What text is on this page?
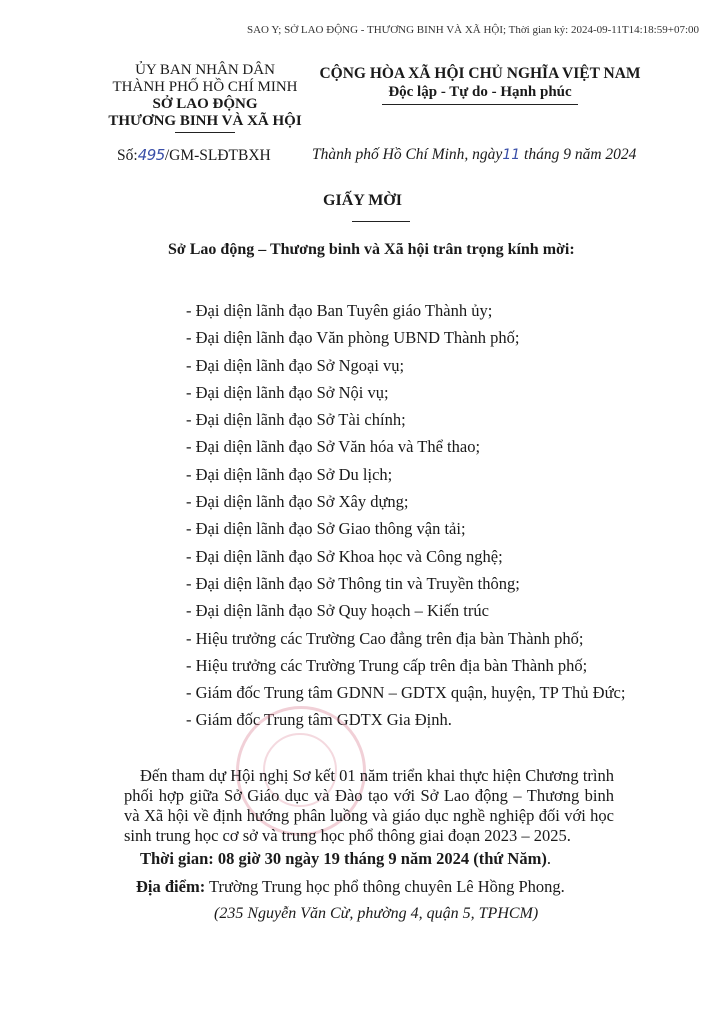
SAO Y; SỞ LAO ĐỘNG - THƯƠNG BINH VÀ XÃ HỘI; Thời gian ký: 2024-09-11T14:18:59+07:00
ỦY BAN NHÂN DÂN
THÀNH PHỐ HỒ CHÍ MINH
SỞ LAO ĐỘNG
THƯƠNG BINH VÀ XÃ HỘI
CỘNG HÒA XÃ HỘI CHỦ NGHĨA VIỆT NAM
Độc lập - Tự do - Hạnh phúc
Số:495/GM-SLĐTBXH	Thành phố Hồ Chí Minh, ngày11 tháng 9 năm 2024
GIẤY MỜI
Sở Lao động – Thương binh và Xã hội trân trọng kính mời:
- Đại diện lãnh đạo Ban Tuyên giáo Thành ủy;
- Đại diện lãnh đạo Văn phòng UBND Thành phố;
- Đại diện lãnh đạo Sở Ngoại vụ;
- Đại diện lãnh đạo Sở Nội vụ;
- Đại diện lãnh đạo Sở Tài chính;
- Đại diện lãnh đạo Sở Văn hóa và Thể thao;
- Đại diện lãnh đạo Sở Du lịch;
- Đại diện lãnh đạo Sở Xây dựng;
- Đại diện lãnh đạo Sở Giao thông vận tải;
- Đại diện lãnh đạo Sở Khoa học và Công nghệ;
- Đại diện lãnh đạo Sở Thông tin và Truyền thông;
- Đại diện lãnh đạo Sở Quy hoạch – Kiến trúc
- Hiệu trưởng các Trường Cao đẳng trên địa bàn Thành phố;
- Hiệu trưởng các Trường Trung cấp trên địa bàn Thành phố;
- Giám đốc Trung tâm GDNN – GDTX quận, huyện, TP Thủ Đức;
- Giám đốc Trung tâm GDTX Gia Định.
Đến tham dự Hội nghị Sơ kết 01 năm triển khai thực hiện Chương trình phối hợp giữa Sở Giáo dục và Đào tạo với Sở Lao động – Thương binh và Xã hội về định hướng phân luồng và giáo dục nghề nghiệp đối với học sinh trung học cơ sở và trung học phổ thông giai đoạn 2023 – 2025.
Thời gian: 08 giờ 30 ngày 19 tháng 9 năm 2024 (thứ Năm).
Địa điểm: Trường Trung học phổ thông chuyên Lê Hồng Phong.
(235 Nguyễn Văn Cừ, phường 4, quận 5, TPHCM)
